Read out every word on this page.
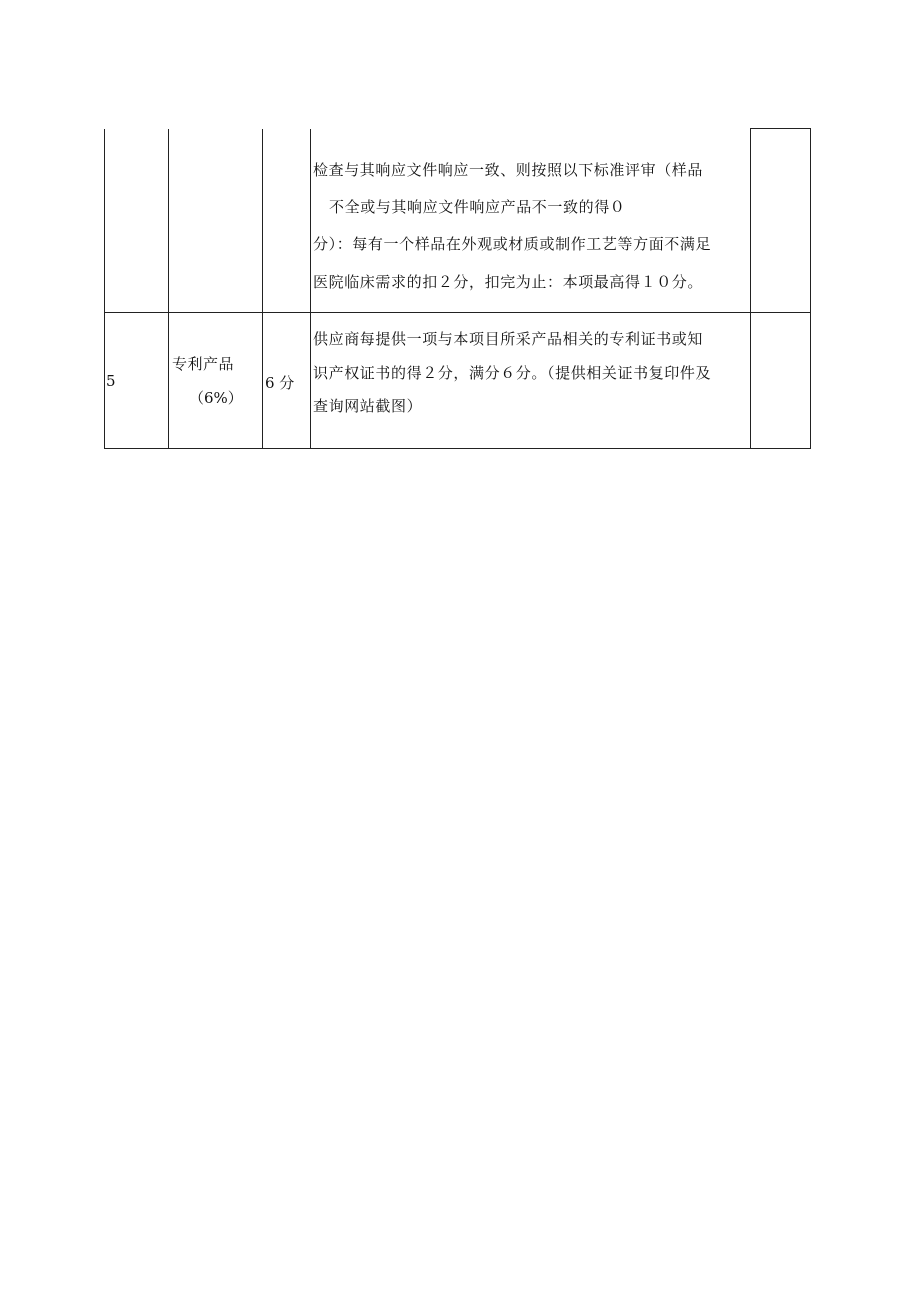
检查与其响应文件响应一致、则按照以下标准评审（样品
不全或与其响应文件响应产品不一致的得０
分）：每有一个样品在外观或材质或制作工艺等方面不满足
医院临床需求的扣２分，扣完为止：本项最高得１０分。
5
专利产品
（6%）
6 分
供应商每提供一项与本项目所采产品相关的专利证书或知
识产权证书的得２分，满分６分。（提供相关证书复印件及
查询网站截图）
